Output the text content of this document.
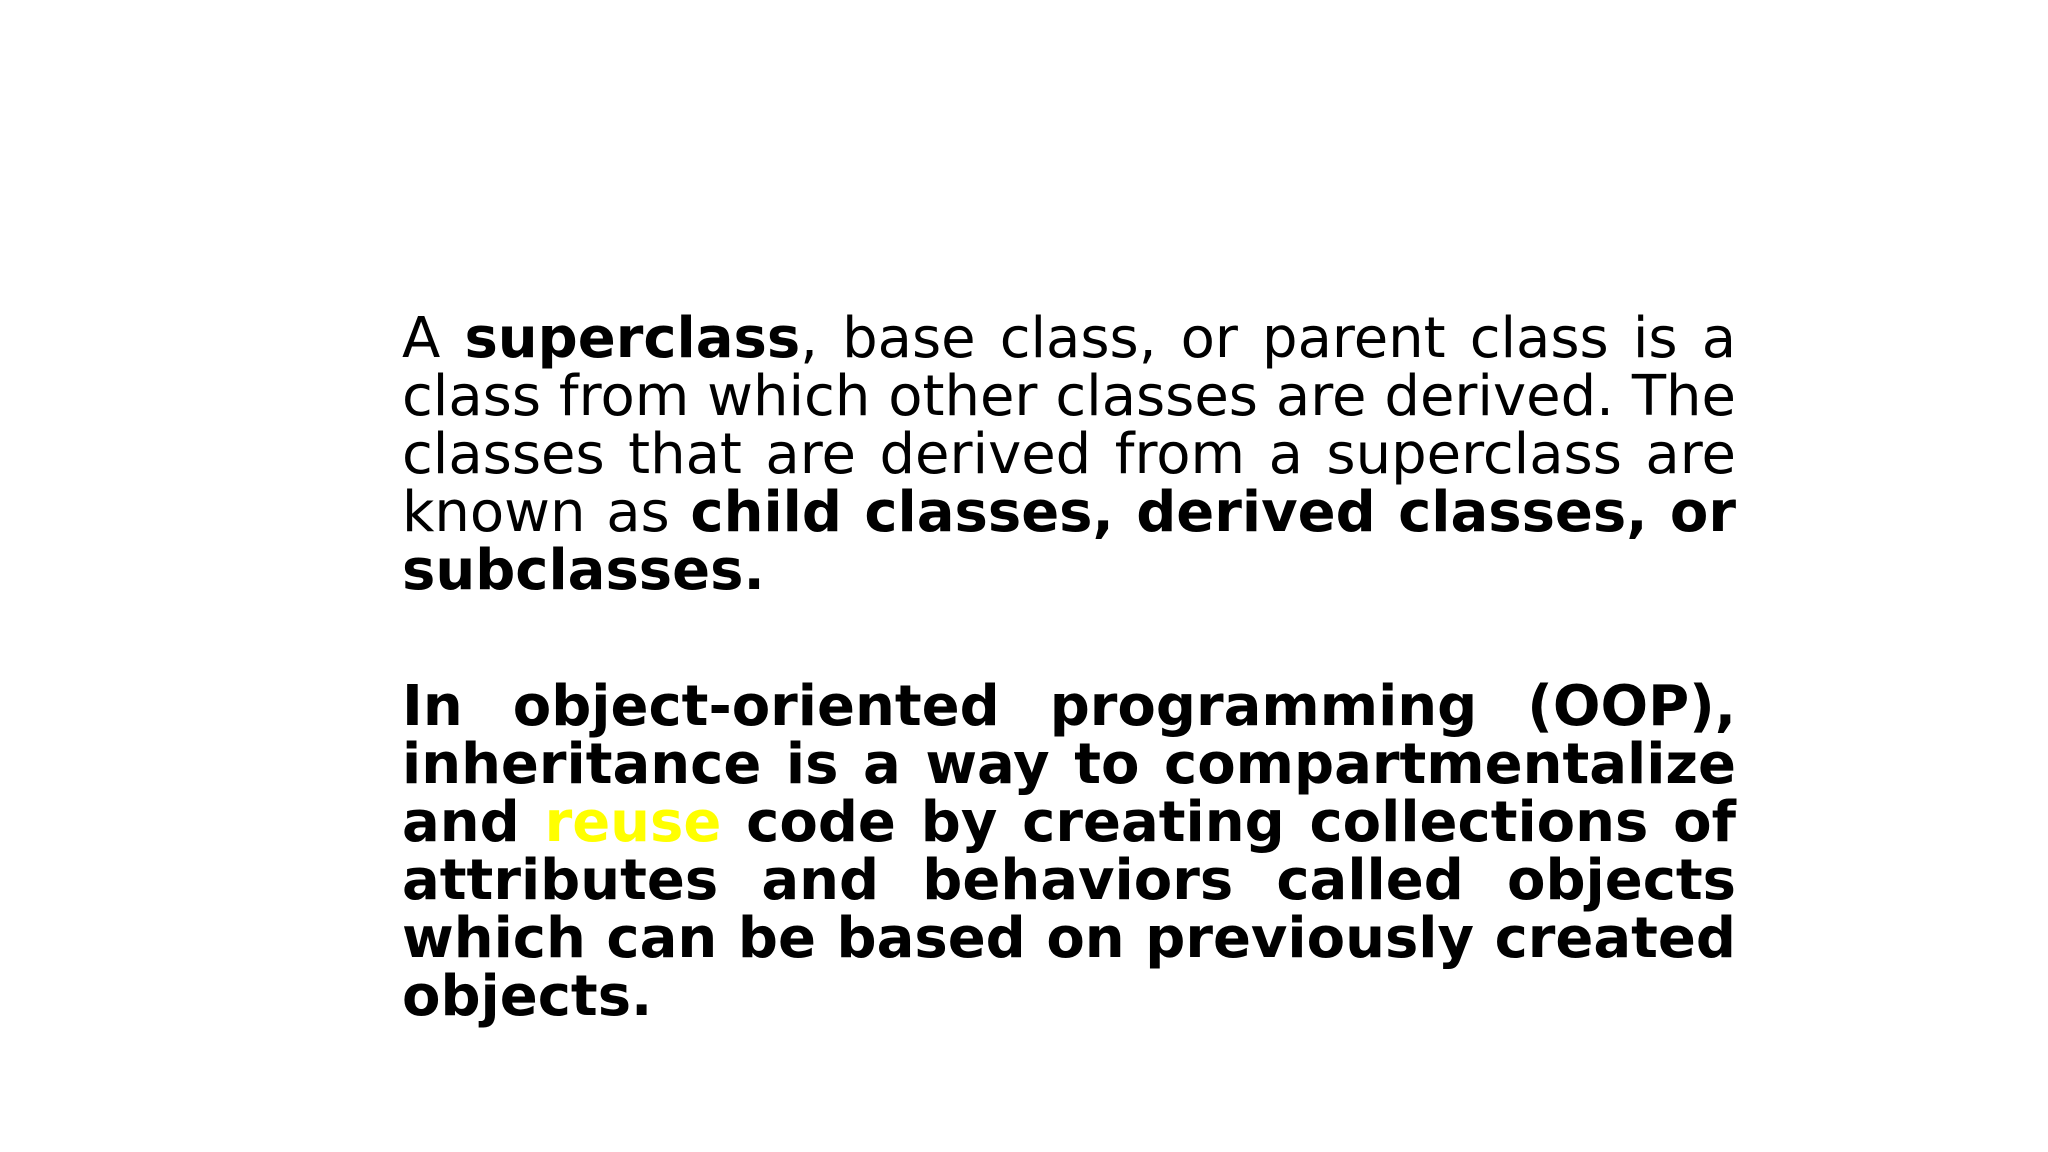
A superclass, base class, or parent class is a class from which other classes are derived. The classes that are derived from a superclass are known as child classes, derived classes, or subclasses.

In object-oriented programming (OOP), inheritance is a way to compartmentalize and reuse code by creating collections of attributes and behaviors called objects which can be based on previously created objects.
